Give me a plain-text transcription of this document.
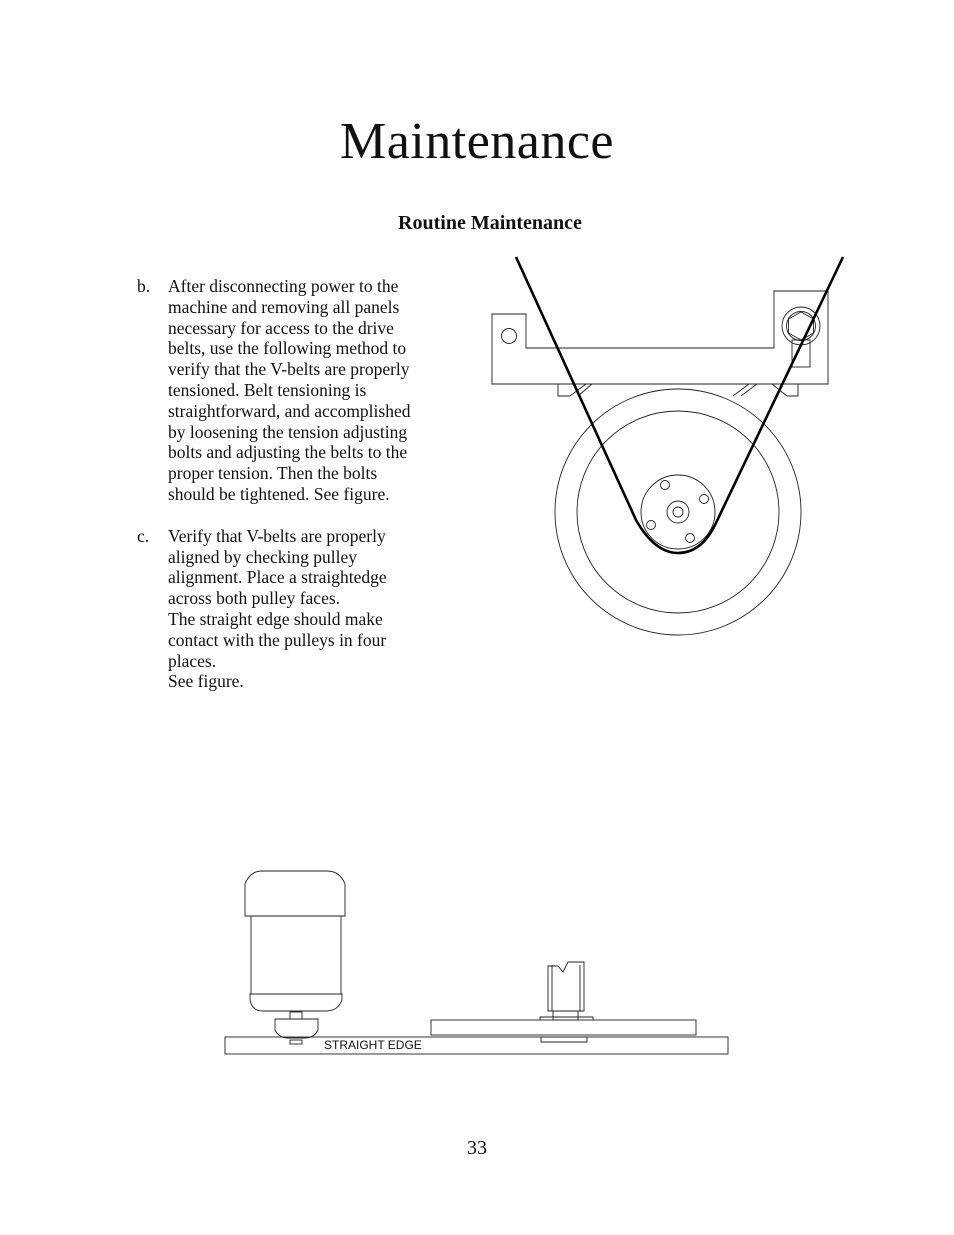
Maintenance
Routine Maintenance
b. After disconnecting power to the
machine and removing all panels
necessary for access to the drive
belts, use the following method to
verify that the V-belts are properly
tensioned. Belt tensioning is
straightforward, and accomplished
by loosening the tension adjusting
bolts and adjusting the belts to the
proper tension. Then the bolts
should be tightened. See figure.
c. Verify that V-belts are properly
aligned by checking pulley
alignment. Place a straightedge
across both pulley faces.
The straight edge should make
contact with the pulleys in four
places.
See figure.
STRAIGHT EDGE
33
